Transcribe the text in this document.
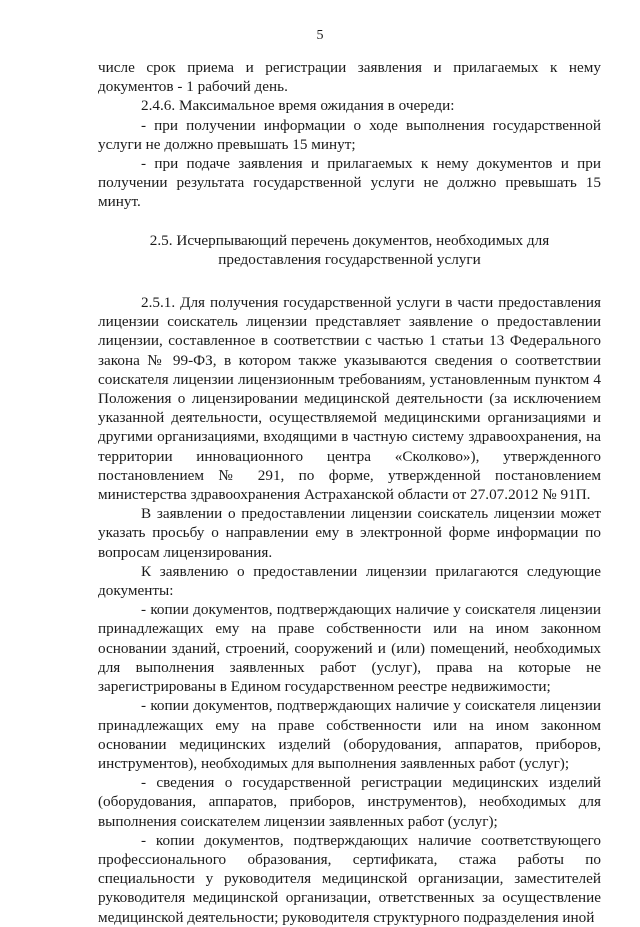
5

числе срок приема и регистрации заявления и прилагаемых к нему документов - 1 рабочий день.

2.4.6. Максимальное время ожидания в очереди:

- при получении информации о ходе выполнения государственной услуги не должно превышать 15 минут;

- при подаче заявления и прилагаемых к нему документов и при получении результата государственной услуги не должно превышать 15 минут.

2.5. Исчерпывающий перечень документов, необходимых для
предоставления государственной услуги

2.5.1. Для получения государственной услуги в части предоставления лицензии соискатель лицензии представляет заявление о предоставлении лицензии, составленное в соответствии с частью 1 статьи 13 Федерального закона № 99-ФЗ, в котором также указываются сведения о соответствии соискателя лицензии лицензионным требованиям, установленным пунктом 4 Положения о лицензировании медицинской деятельности (за исключением указанной деятельности, осуществляемой медицинскими организациями и другими организациями, входящими в частную систему здравоохранения, на территории инновационного центра «Сколково»), утвержденного постановлением № 291, по форме, утвержденной постановлением министерства здравоохранения Астраханской области от 27.07.2012 № 91П.

В заявлении о предоставлении лицензии соискатель лицензии может указать просьбу о направлении ему в электронной форме информации по вопросам лицензирования.

К заявлению о предоставлении лицензии прилагаются следующие документы:

- копии документов, подтверждающих наличие у соискателя лицензии принадлежащих ему на праве собственности или на ином законном основании зданий, строений, сооружений и (или) помещений, необходимых для выполнения заявленных работ (услуг), права на которые не зарегистрированы в Едином государственном реестре недвижимости;

- копии документов, подтверждающих наличие у соискателя лицензии принадлежащих ему на праве собственности или на ином законном основании медицинских изделий (оборудования, аппаратов, приборов, инструментов), необходимых для выполнения заявленных работ (услуг);

- сведения о государственной регистрации медицинских изделий (оборудования, аппаратов, приборов, инструментов), необходимых для выполнения соискателем лицензии заявленных работ (услуг);

- копии документов, подтверждающих наличие соответствующего профессионального образования, сертификата, стажа работы по специальности у руководителя медицинской организации, заместителей руководителя медицинской организации, ответственных за осуществление медицинской деятельности; руководителя структурного подразделения иной
